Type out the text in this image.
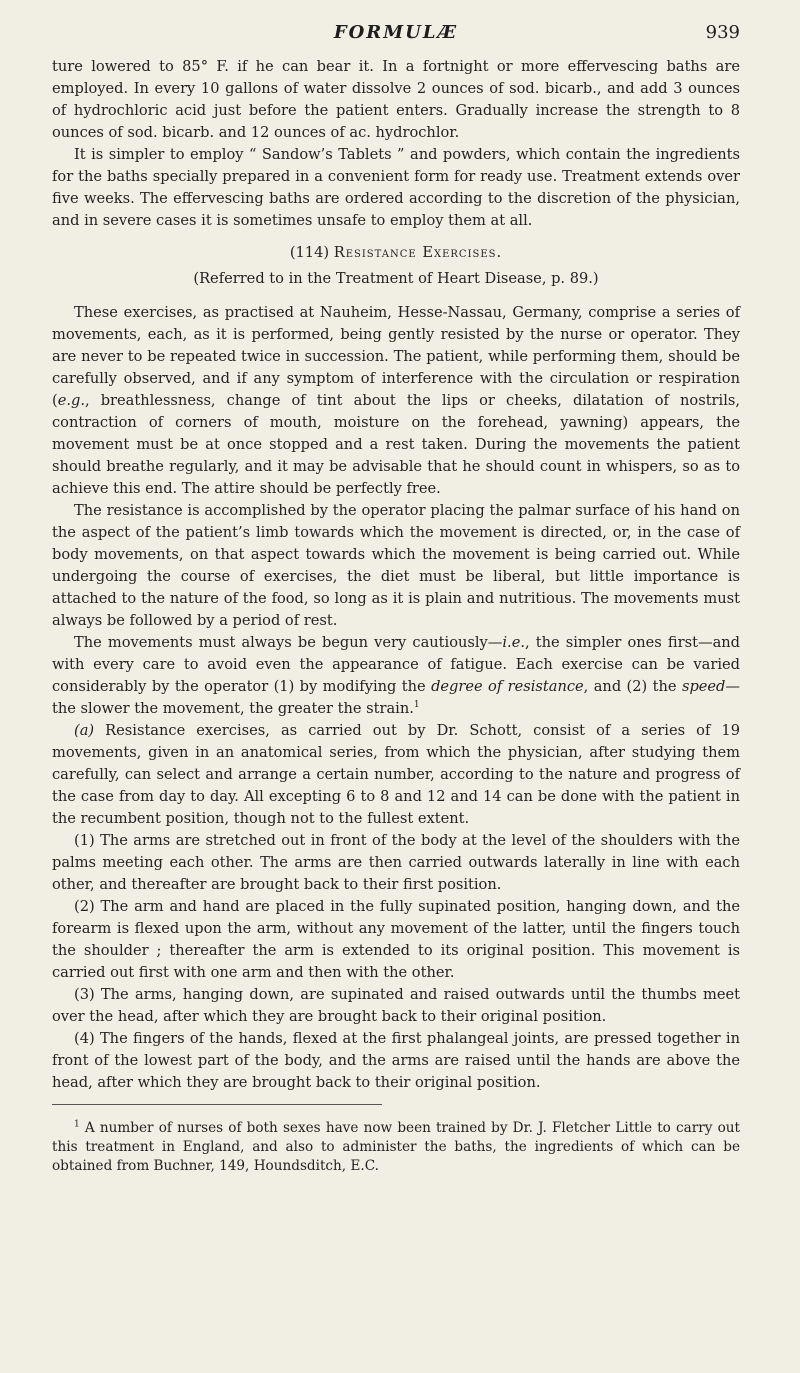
FORMULÆ	939

ture lowered to 85° F. if he can bear it. In a fortnight or more effervescing baths are employed. In every 10 gallons of water dissolve 2 ounces of sod. bicarb., and add 3 ounces of hydrochloric acid just before the patient enters. Gradually increase the strength to 8 ounces of sod. bicarb. and 12 ounces of ac. hydrochlor.

It is simpler to employ “ Sandow’s Tablets ” and powders, which contain the ingredients for the baths specially prepared in a convenient form for ready use. Treatment extends over five weeks. The effervescing baths are ordered according to the discretion of the physician, and in severe cases it is sometimes unsafe to employ them at all.

(114) Resistance Exercises.
(Referred to in the Treatment of Heart Disease, p. 89.)

These exercises, as practised at Nauheim, Hesse-Nassau, Germany, comprise a series of movements, each, as it is performed, being gently resisted by the nurse or operator. They are never to be repeated twice in succession. The patient, while performing them, should be carefully observed, and if any symptom of interference with the circulation or respiration (e.g., breathlessness, change of tint about the lips or cheeks, dilatation of nostrils, contraction of corners of mouth, moisture on the forehead, yawning) appears, the movement must be at once stopped and a rest taken. During the movements the patient should breathe regularly, and it may be advisable that he should count in whispers, so as to achieve this end. The attire should be perfectly free.

The resistance is accomplished by the operator placing the palmar surface of his hand on the aspect of the patient’s limb towards which the movement is directed, or, in the case of body movements, on that aspect towards which the movement is being carried out. While undergoing the course of exercises, the diet must be liberal, but little importance is attached to the nature of the food, so long as it is plain and nutritious. The movements must always be followed by a period of rest.

The movements must always be begun very cautiously—i.e., the simpler ones first—and with every care to avoid even the appearance of fatigue. Each exercise can be varied considerably by the operator (1) by modifying the degree of resistance, and (2) the speed—the slower the movement, the greater the strain.$^1$

(a) Resistance exercises, as carried out by Dr. Schott, consist of a series of 19 movements, given in an anatomical series, from which the physician, after studying them carefully, can select and arrange a certain number, according to the nature and progress of the case from day to day. All excepting 6 to 8 and 12 and 14 can be done with the patient in the recumbent position, though not to the fullest extent.

(1) The arms are stretched out in front of the body at the level of the shoulders with the palms meeting each other. The arms are then carried outwards laterally in line with each other, and thereafter are brought back to their first position.

(2) The arm and hand are placed in the fully supinated position, hanging down, and the forearm is flexed upon the arm, without any movement of the latter, until the fingers touch the shoulder ; thereafter the arm is extended to its original position. This movement is carried out first with one arm and then with the other.

(3) The arms, hanging down, are supinated and raised outwards until the thumbs meet over the head, after which they are brought back to their original position.

(4) The fingers of the hands, flexed at the first phalangeal joints, are pressed together in front of the lowest part of the body, and the arms are raised until the hands are above the head, after which they are brought back to their original position.

$^1$ A number of nurses of both sexes have now been trained by Dr. J. Fletcher Little to carry out this treatment in England, and also to administer the baths, the ingredients of which can be obtained from Buchner, 149, Houndsditch, E.C.
